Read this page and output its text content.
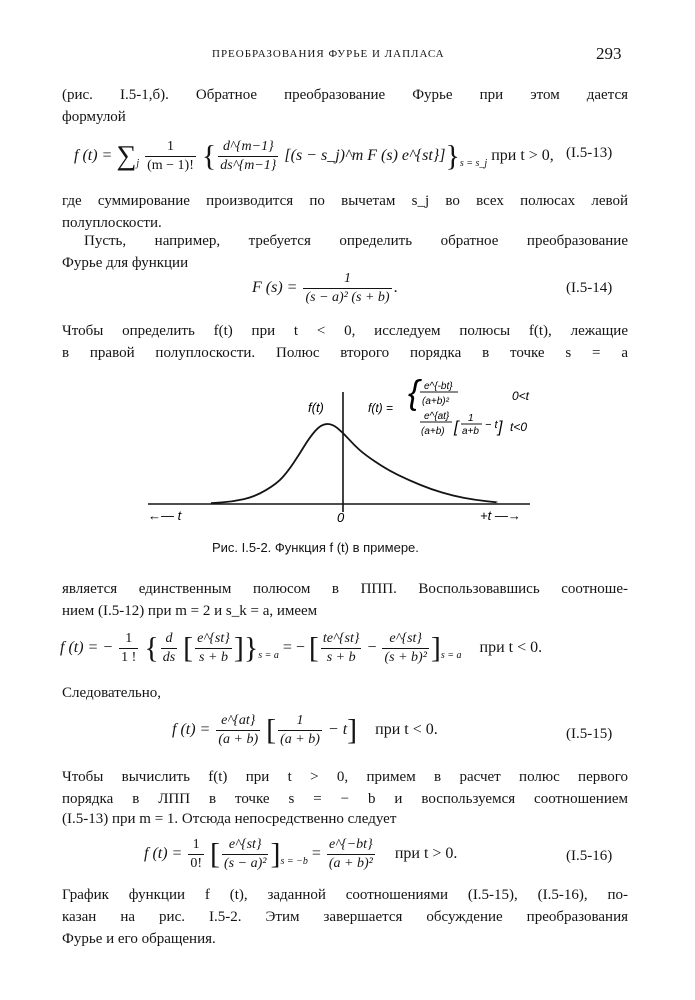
ПРЕОБРАЗОВАНИЯ ФУРЬЕ И ЛАПЛАСА	293
(рис. I.5-1,б). Обратное преобразование Фурье при этом дается
формулой
f $(t) = \sum_j \frac{1}{(m - 1)!}$ { $\frac{d\^{}\{m-1\}}{ds\^{}\{m-1\}} [(s$ − s_j)^m F (s) $e\^{}\{st\}]\}_{s = s\_j}$ при t > 0, (I.5-13)
где суммирование производится по вычетам s_j во всех полюсах левой
полуплоскости.
Пусть, например, требуется определить обратное преобразование
Фурье для функции
F $(s) = \frac{1}{\text{(s − a)² (s + b)}}$ .	(I.5-14)
Чтобы определить f(t) при t < 0, исследуем полюсы f(t), лежащие
в правой полуплоскости. Полюс второго порядка в точке s = a
f(t)	f(t) = { e^{-bt}
(a+b)²	0<t
e^{at}
(a+b) [
1
a+b
− t ] t<0
←— t	0	+t —→
Рис. I.5-2. Функция f (t) в примере.
является единственным полюсом в ППП. Воспользовавшись соотноше-
нием (I.5-12) при m = 2 и s_k = a, имеем
f (t) = − $\frac{1}{1 !}$ { $\frac{d}{ds}$ [ $\frac{e\^{}\{st\}}{s + b} ]\}_{s = a}$ = − [ $\frac{te\^{}\{st\}}{s + b} - \frac{e\^{}\{st\}}{\text{(s + b)²}} ]_{s = a}$ при t < 0.
Следовательно,
f $(t) = \frac{e\^{}\{at\}}{(a + b)}$ [ $\frac{1}{(a + b)} - t$] при t < 0.	(I.5-15)
Чтобы вычислить f(t) при t > 0, примем в расчет полюс первого
порядка в ЛПП в точке s = − b и воспользуемся соотношением
(I.5-13) при m = 1. Отсюда непосредственно следует
f $(t) = \frac{1}{0!}$ [ $\frac{e\^{}\{st\}}{\text{(s − a)²}} ]_{s = -b} = \frac{e\^{}\{-bt\}}{\text{(a + b)²}}$ при t > 0.	(I.5-16)
График функции f (t), заданной соотношениями (I.5-15), (I.5-16), по-
казан на рис. I.5-2. Этим завершается обсуждение преобразования
Фурье и его обращения.
